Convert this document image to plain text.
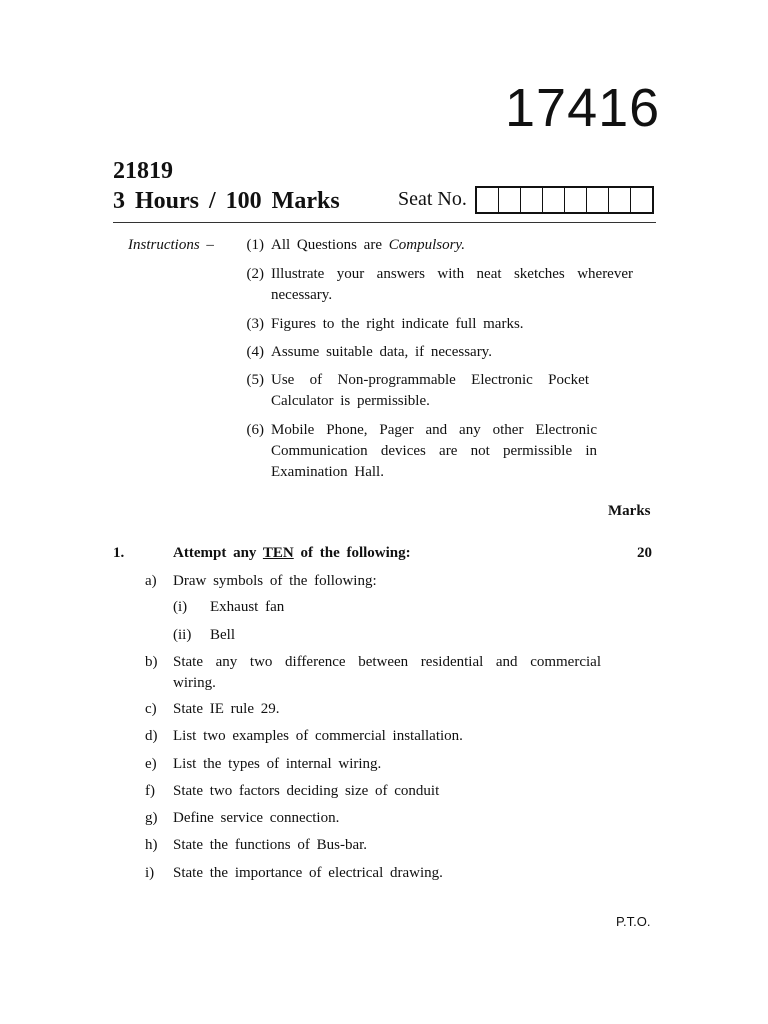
17416
21819
3 Hours / 100 Marks	Seat No.
Instructions –	(1) All Questions are Compulsory.
(2) Illustrate your answers with neat sketches wherever necessary.
(3) Figures to the right indicate full marks.
(4) Assume suitable data, if necessary.
(5) Use of Non-programmable Electronic Pocket Calculator is permissible.
(6) Mobile Phone, Pager and any other Electronic Communication devices are not permissible in Examination Hall.
Marks
1.	Attempt any TEN of the following:	20
a) Draw symbols of the following:
(i) Exhaust fan
(ii) Bell
b) State any two difference between residential and commercial wiring.
c) State IE rule 29.
d) List two examples of commercial installation.
e) List the types of internal wiring.
f) State two factors deciding size of conduit
g) Define service connection.
h) State the functions of Bus-bar.
i) State the importance of electrical drawing.
P.T.O.
